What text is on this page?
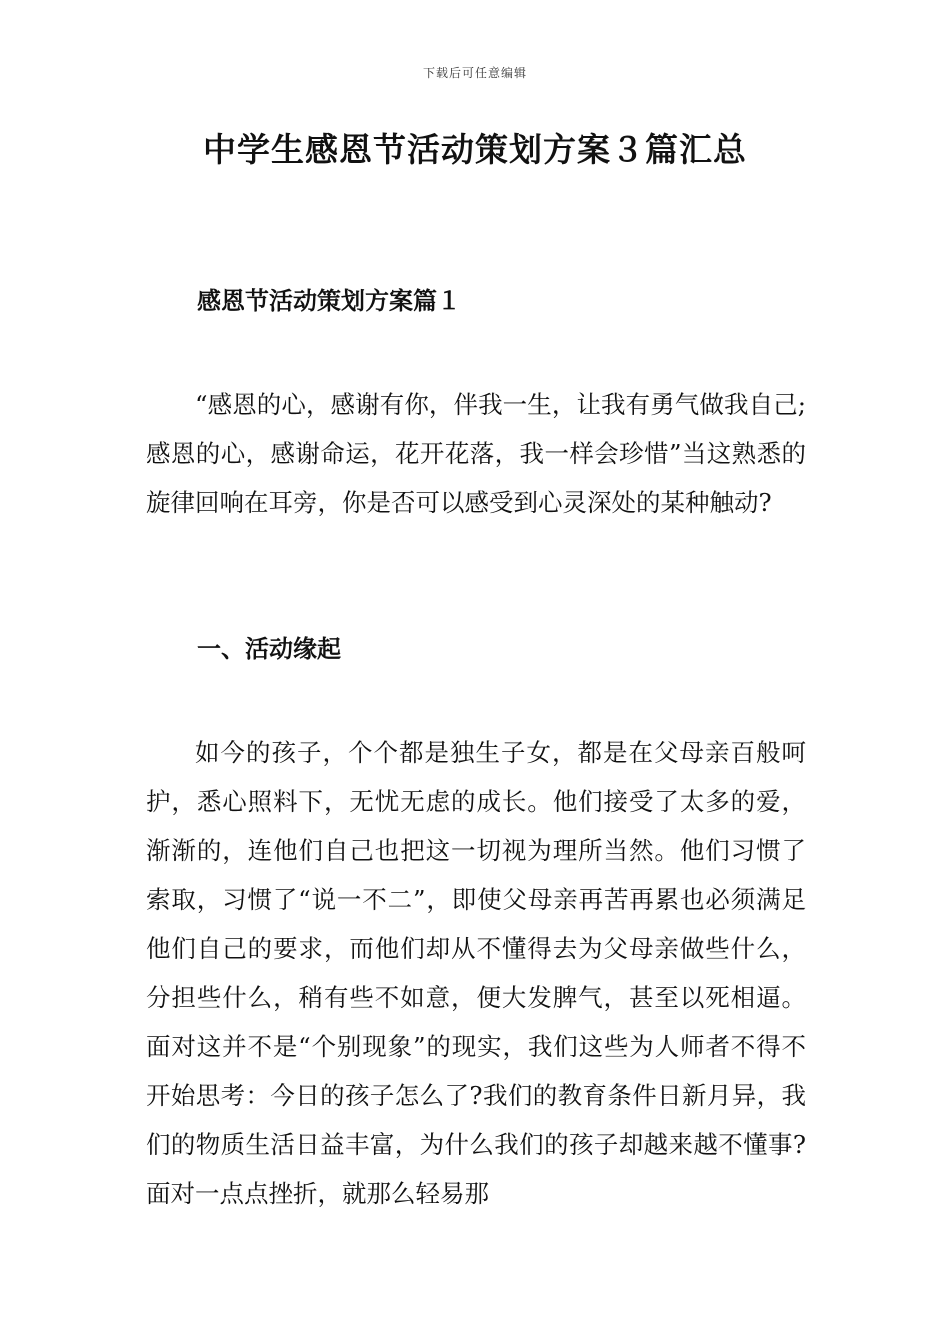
下载后可任意编辑
中学生感恩节活动策划方案３篇汇总
感恩节活动策划方案篇１

“感恩的心，感谢有你，伴我一生，让我有勇气做我自己;感恩的心，感谢命运，花开花落，我一样会珍惜”当这熟悉的旋律回响在耳旁，你是否可以感受到心灵深处的某种触动?

一、活动缘起

如今的孩子，个个都是独生子女，都是在父母亲百般呵护，悉心照料下，无忧无虑的成长。他们接受了太多的爱，渐渐的，连他们自己也把这一切视为理所当然。他们习惯了索取，习惯了“说一不二”，即使父母亲再苦再累也必须满足他们自己的要求，而他们却从不懂得去为父母亲做些什么，分担些什么，稍有些不如意，便大发脾气，甚至以死相逼。面对这并不是“个别现象”的现实，我们这些为人师者不得不开始思考：今日的孩子怎么了?我们的教育条件日新月异，我们的物质生活日益丰富，为什么我们的孩子却越来越不懂事?面对一点点挫折，就那么轻易那
